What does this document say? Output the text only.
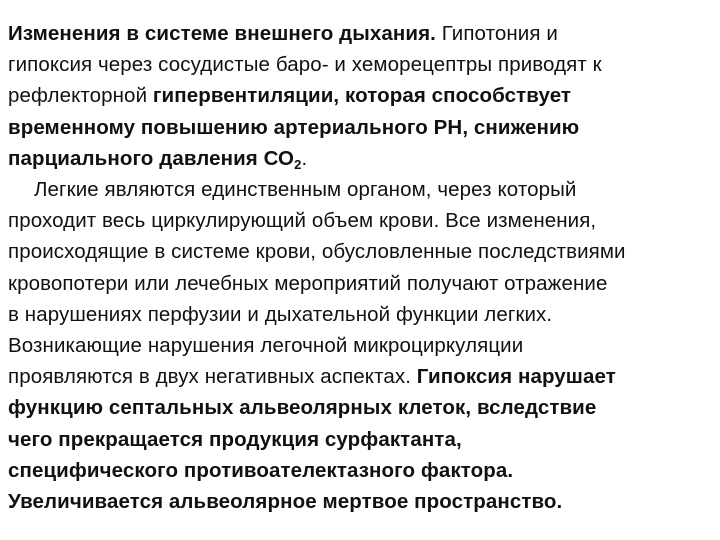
Изменения в системе внешнего дыхания. Гипотония и
гипоксия через сосудистые баро- и хеморецептры приводят к
рефлекторной гипервентиляции, которая способствует
временному повышению артериального РН, снижению
парциального давления $СО_2$.
Легкие являются единственным органом, через который
проходит весь циркулирующий объем крови. Все изменения,
происходящие в системе крови, обусловленные последствиями
кровопотери или лечебных мероприятий получают отражение
в нарушениях перфузии и дыхательной функции легких.
Возникающие нарушения легочной микроциркуляции
проявляются в двух негативных аспектах. Гипоксия нарушает
функцию септальных альвеолярных клеток, вследствие
чего прекращается продукция сурфактанта,
специфического противоателектазного фактора.
Увеличивается альвеолярное мертвое пространство.
